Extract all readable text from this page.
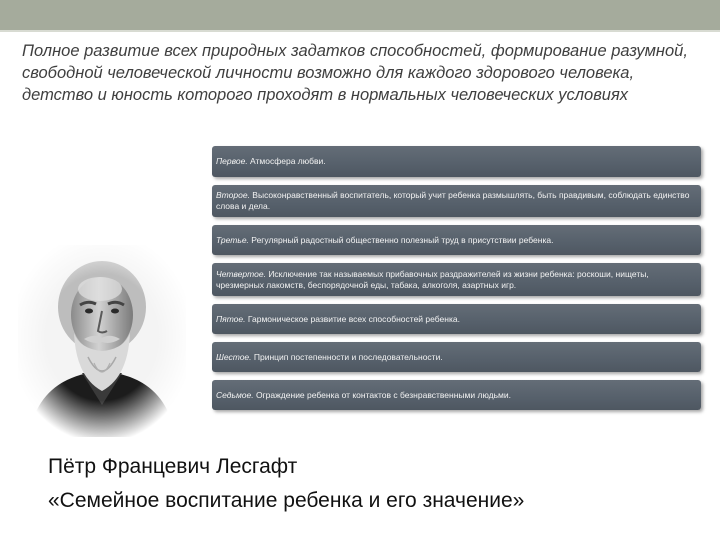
Полное развитие всех природных задатков способностей, формирование разумной, свободной человеческой личности возможно для каждого здорового человека, детство и юность которого проходят в нормальных человеческих условиях

Первое. Атмосфера любви.
Второе. Высоконравственный воспитатель, который учит ребенка размышлять, быть правдивым, соблюдать единство слова и дела.
Третье. Регулярный радостный общественно полезный труд в присутствии ребенка.
Четвертое. Исключение так называемых прибавочных раздражителей из жизни ребенка: роскоши, нищеты, чрезмерных лакомств, беспорядочной еды, табака, алкоголя, азартных игр.
Пятое. Гармоническое развитие всех способностей ребенка.
Шестое. Принцип постепенности и последовательности.
Седьмое. Ограждение ребенка от контактов с безнравственными людьми.

Пётр Францевич Лесгафт

«Семейное воспитание ребенка и его значение»
